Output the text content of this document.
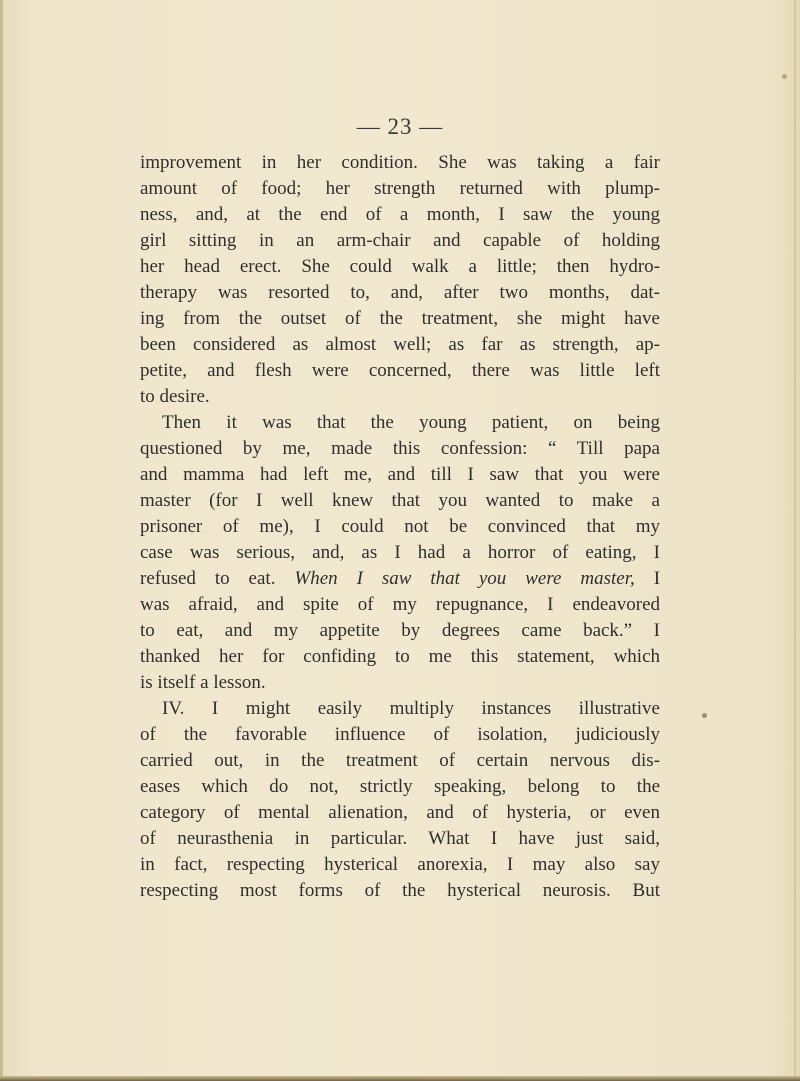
— 23 —
improvement in her condition. She was taking a fair
amount of food; her strength returned with plump-
ness, and, at the end of a month, I saw the young
girl sitting in an arm-chair and capable of holding
her head erect. She could walk a little; then hydro-
therapy was resorted to, and, after two months, dat-
ing from the outset of the treatment, she might have
been considered as almost well; as far as strength, ap-
petite, and flesh were concerned, there was little left
to desire.
Then it was that the young patient, on being
questioned by me, made this confession: “ Till papa
and mamma had left me, and till I saw that you were
master (for I well knew that you wanted to make a
prisoner of me), I could not be convinced that my
case was serious, and, as I had a horror of eating, I
refused to eat. When I saw that you were master, I
was afraid, and spite of my repugnance, I endeavored
to eat, and my appetite by degrees came back.” I
thanked her for confiding to me this statement, which
is itself a lesson.
IV. I might easily multiply instances illustrative
of the favorable influence of isolation, judiciously
carried out, in the treatment of certain nervous dis-
eases which do not, strictly speaking, belong to the
category of mental alienation, and of hysteria, or even
of neurasthenia in particular. What I have just said,
in fact, respecting hysterical anorexia, I may also say
respecting most forms of the hysterical neurosis. But
